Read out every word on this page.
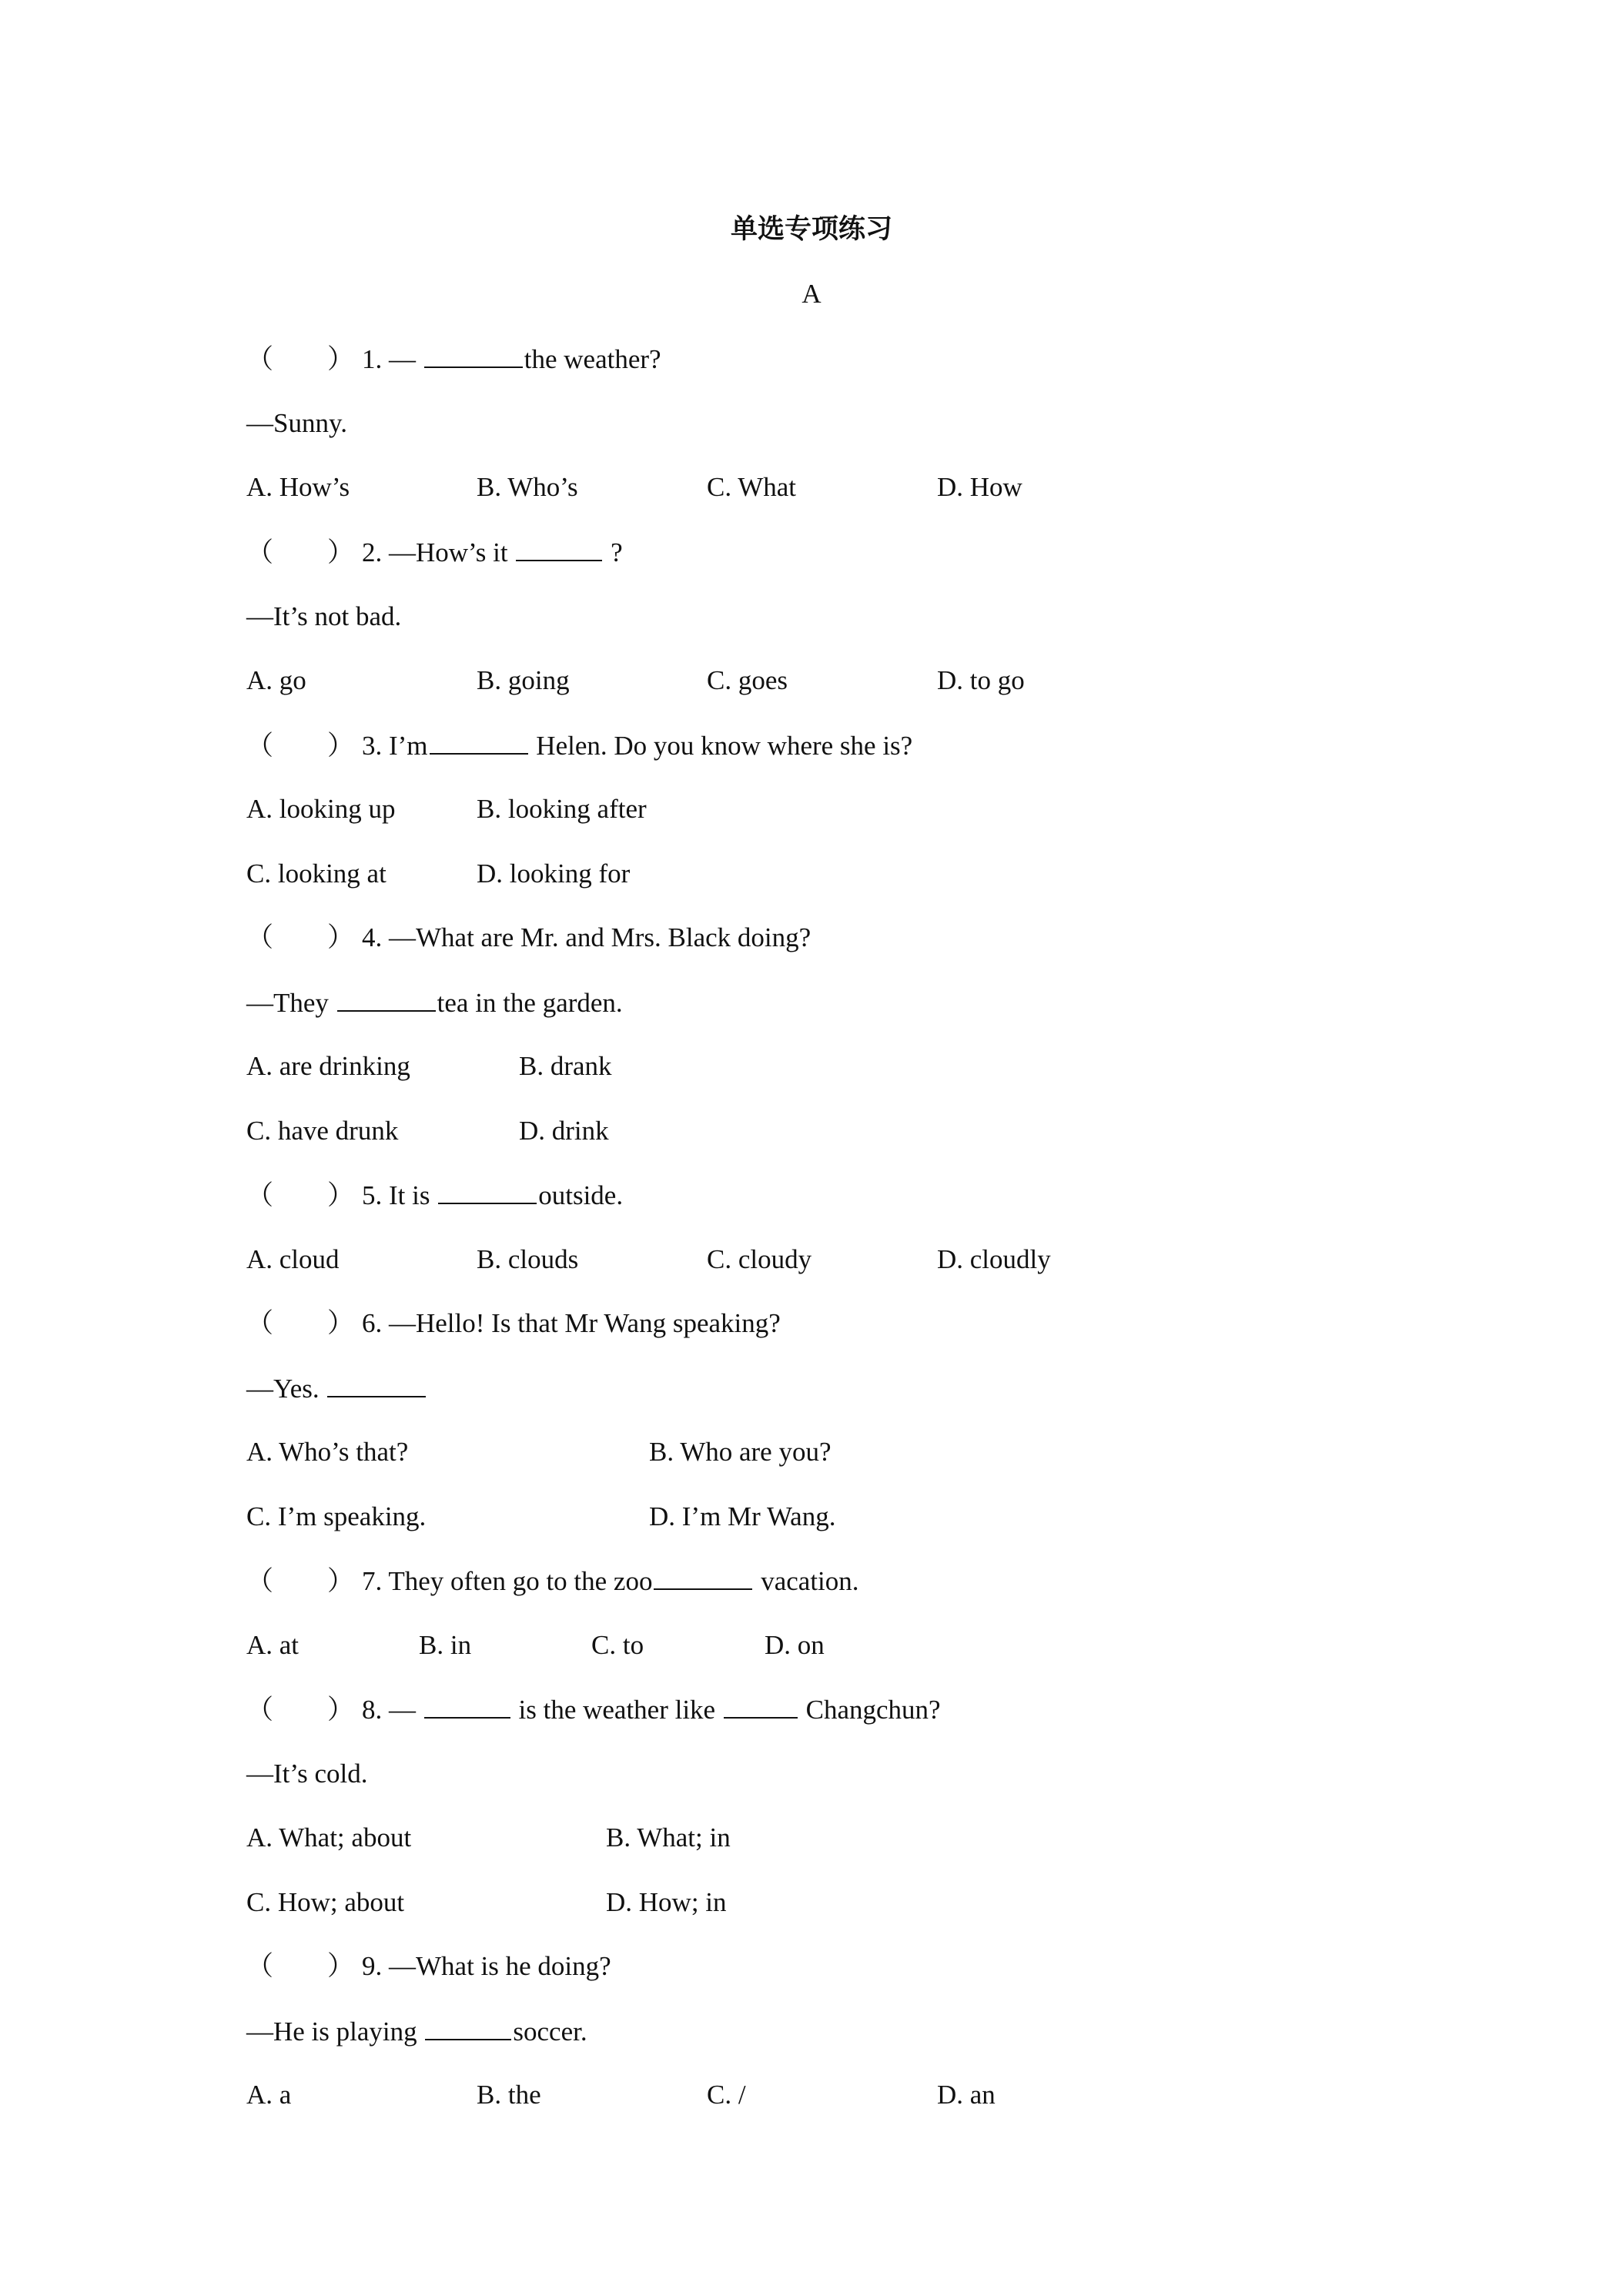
单选专项练习
A
（　　） 1. —	the weather?
—Sunny.
A. How’s	B. Who’s	C. What	D. How
（　　） 2. —How’s it	?
—It’s not bad.
A. go	B. going	C. goes	D. to go
（　　） 3. I’m	Helen. Do you know where she is?
A. looking up	B. looking after
C. looking at	D. looking for
（　　） 4. —What are Mr. and Mrs. Black doing?
—They	tea in the garden.
A. are drinking	B. drank
C. have drunk	D. drink
（　　） 5. It is	outside.
A. cloud	B. clouds	C. cloudy	D. cloudly
（　　） 6. —Hello! Is that Mr Wang speaking?
—Yes.
A. Who’s that?	B. Who are you?
C. I’m speaking.	D. I’m Mr Wang.
（　　） 7. They often go to the zoo	vacation.
A. at	B. in	C. to	D. on
（　　） 8. —	is the weather like	Changchun?
—It’s cold.
A. What; about	B. What; in
C. How; about	D. How; in
（　　） 9. —What is he doing?
—He is playing	soccer.
A. a	B. the	C. /	D. an
